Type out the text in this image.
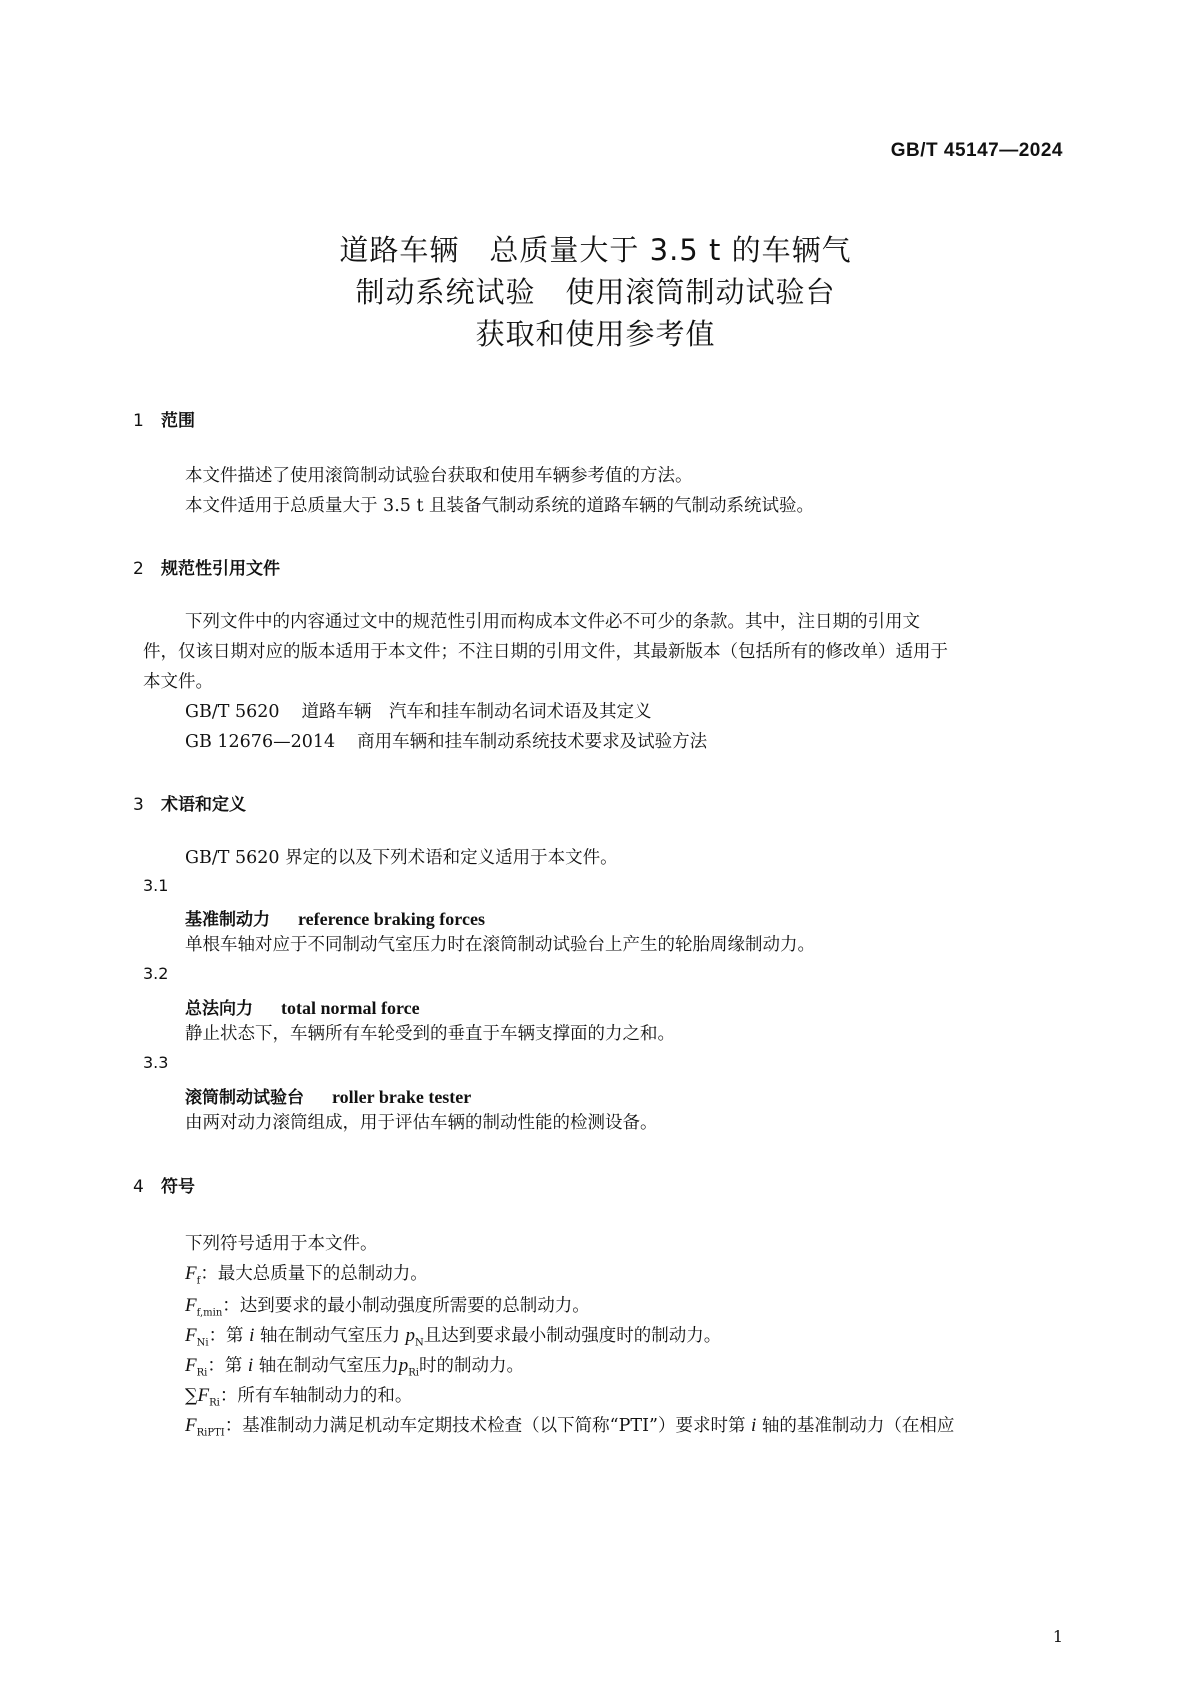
GB/T 45147—2024
道路车辆　总质量大于 3.5 t 的车辆气
制动系统试验　使用滚筒制动试验台
获取和使用参考值
1 范围
本文件描述了使用滚筒制动试验台获取和使用车辆参考值的方法。
本文件适用于总质量大于 3.5 t 且装备气制动系统的道路车辆的气制动系统试验。
2 规范性引用文件
下列文件中的内容通过文中的规范性引用而构成本文件必不可少的条款。其中，注日期的引用文
件，仅该日期对应的版本适用于本文件；不注日期的引用文件，其最新版本（包括所有的修改单）适用于
本文件。
GB/T 5620 道路车辆　汽车和挂车制动名词术语及其定义
GB 12676—2014 商用车辆和挂车制动系统技术要求及试验方法
3 术语和定义
GB/T 5620 界定的以及下列术语和定义适用于本文件。
3.1
基准制动力 reference braking forces
单根车轴对应于不同制动气室压力时在滚筒制动试验台上产生的轮胎周缘制动力。
3.2
总法向力 total normal force
静止状态下，车辆所有车轮受到的垂直于车辆支撑面的力之和。
3.3
滚筒制动试验台 roller brake tester
由两对动力滚筒组成，用于评估车辆的制动性能的检测设备。
4 符号
下列符号适用于本文件。
$F_f$：最大总质量下的总制动力。
$F_{f,min}$：达到要求的最小制动强度所需要的总制动力。
$F_{Ni}$：第 i 轴在制动气室压力 $p_N$且达到要求最小制动强度时的制动力。
$F_{Ri}$：第 i 轴在制动气室压力$p_{Ri}$时的制动力。
$\sum F_{Ri}$：所有车轴制动力的和。
$F_{RiPTI}$：基准制动力满足机动车定期技术检查（以下简称“PTI”）要求时第 i 轴的基准制动力（在相应
1
